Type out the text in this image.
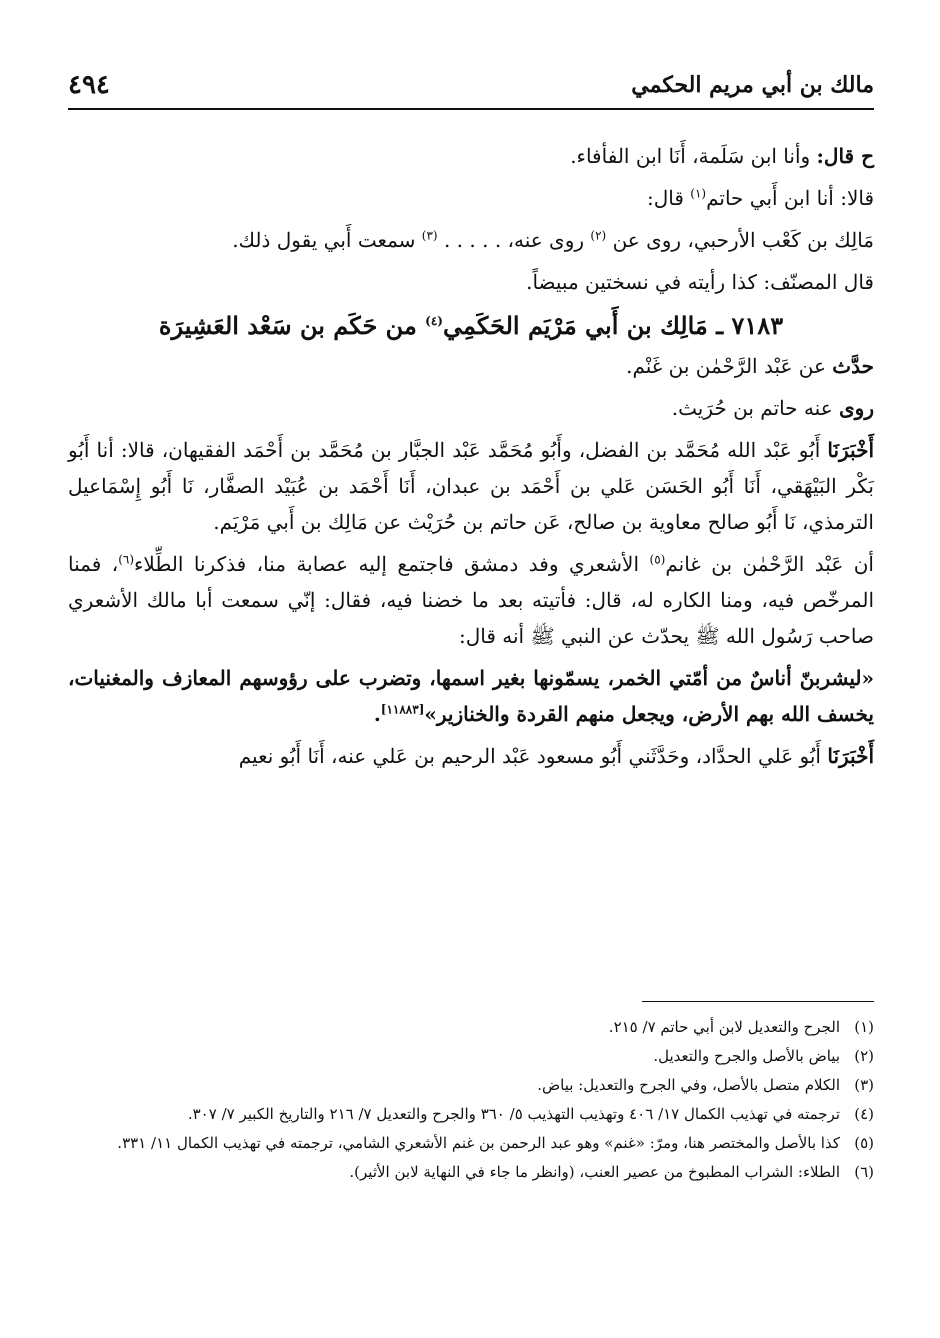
مالك بن أبي مريم الحكمي
٤٩٤

ح قال: وأنا ابن سَلَمة، أَنَا ابن الفأفاء.

قالا: أنا ابن أَبي حاتم$^{(١)}$ قال:

مَالِك بن كَعْب الأرحبي، روى عن $^{(٢)}$ روى عنه، . . . . . $^{(٣)}$ سمعت أَبي يقول ذلك.

قال المصنّف: كذا رأيته في نسختين مبيضاً.

٧١٨٣ ـ مَالِك بن أَبي مَرْيَم الحَكَمِي$^{(٤)}$ من حَكَم بن سَعْد العَشِيرَة

حدَّث عن عَبْد الرَّحْمٰن بن غَنْم.

روى عنه حاتم بن حُرَيث.

أَخْبَرَنَا أَبُو عَبْد الله مُحَمَّد بن الفضل، وأَبُو مُحَمَّد عَبْد الجبَّار بن مُحَمَّد بن أَحْمَد الفقيهان، قالا: أنا أَبُو بَكْر البَيْهَقي، أَنَا أَبُو الحَسَن عَلي بن أَحْمَد بن عبدان، أَنَا أَحْمَد بن عُبَيْد الصفَّار، نَا أَبُو إِسْمَاعيل الترمذي، نَا أَبُو صالح معاوية بن صالح، عَن حاتم بن حُرَيْث عن مَالِك بن أَبي مَرْيَم.

أن عَبْد الرَّحْمٰن بن غانم$^{(٥)}$ الأشعري وفد دمشق فاجتمع إليه عصابة منا، فذكرنا الطِّلاء$^{(٦)}$، فمنا المرخّص فيه، ومنا الكاره له، قال: فأتيته بعد ما خضنا فيه، فقال: إنّي سمعت أبا مالك الأشعري صاحب رَسُول الله ﷺ يحدّث عن النبي ﷺ أنه قال:

«ليشربنّ أناسٌ من أمّتي الخمر، يسمّونها بغير اسمها، وتضرب على رؤوسهم المعازف والمغنيات، يخسف الله بهم الأرض، ويجعل منهم القردة والخنازير»[١١٨٨٣].

أَخْبَرَنَا أَبُو عَلي الحدَّاد، وحَدَّثَني أَبُو مسعود عَبْد الرحيم بن عَلي عنه، أَنَا أَبُو نعيم

(١)
الجرح والتعديل لابن أبي حاتم ٧/ ٢١٥.
(٢)
بياض بالأصل والجرح والتعديل.
(٣)
الكلام متصل بالأصل، وفي الجرح والتعديل: بياض.
(٤)
ترجمته في تهذيب الكمال ١٧/ ٤٠٦ وتهذيب التهذيب ٥/ ٣٦٠ والجرح والتعديل ٧/ ٢١٦ والتاريخ الكبير ٧/ ٣٠٧.
(٥)
كذا بالأصل والمختصر هنا، ومرّ: «غنم» وهو عبد الرحمن بن غنم الأشعري الشامي، ترجمته في تهذيب الكمال ١١/ ٣٣١.
(٦)
الطلاء: الشراب المطبوخ من عصير العنب، (وانظر ما جاء في النهاية لابن الأثير).
